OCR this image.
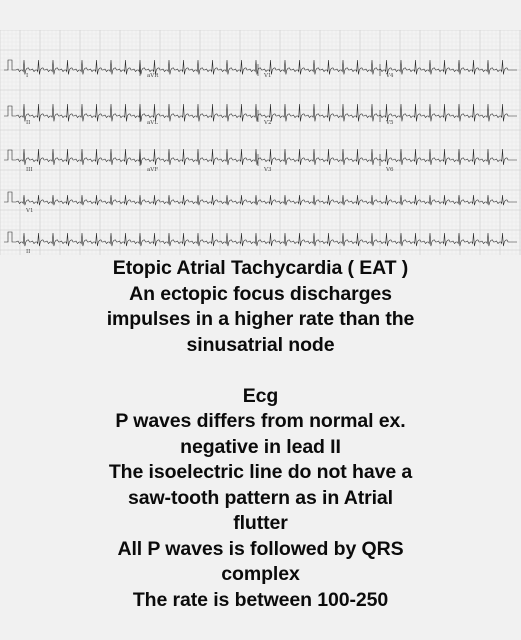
I	aVR	V1	V4
II	aVL	V2	V5
III	aVF	V3	V6
V1
II
Etopic Atrial Tachycardia ( EAT )
An ectopic focus discharges
impulses in a higher rate than the
sinusatrial node
Ecg
P waves differs from normal ex.
negative in lead II
The isoelectric line do not have a
saw-tooth pattern as in Atrial
flutter
All P waves is followed by QRS
complex
The rate is between 100-250
